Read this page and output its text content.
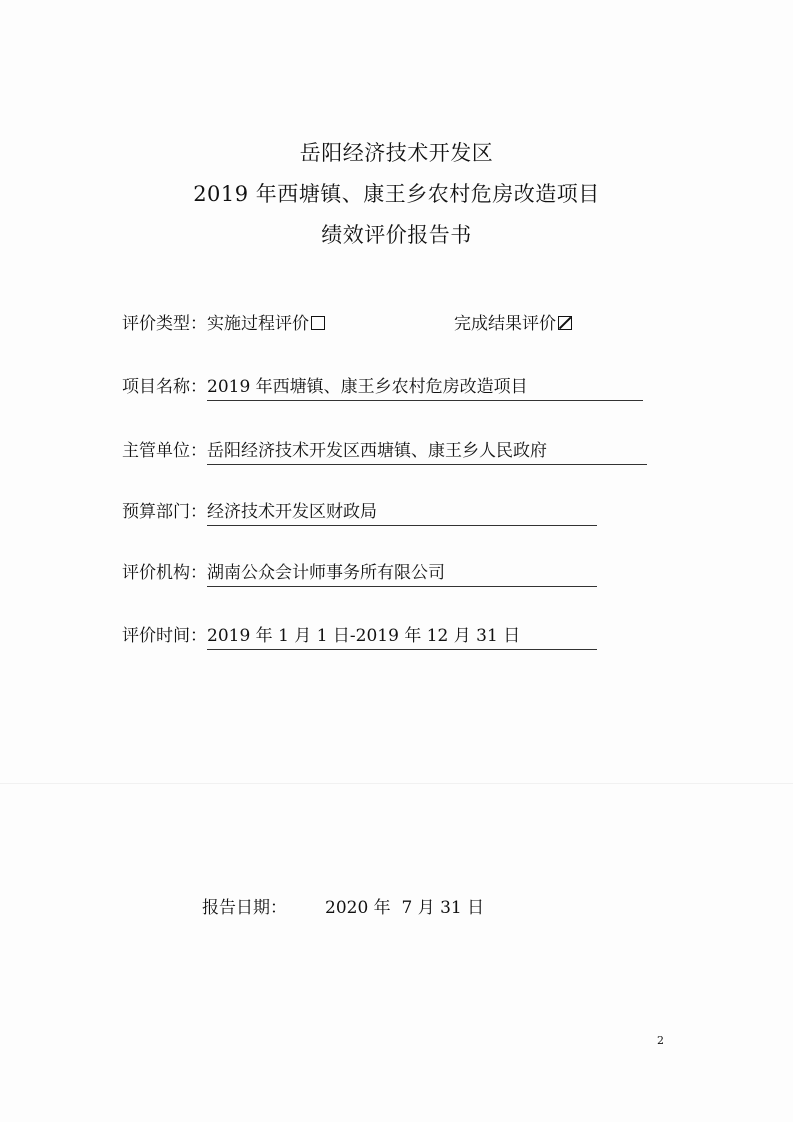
岳阳经济技术开发区
2019 年西塘镇、康王乡农村危房改造项目
绩效评价报告书
评价类型：实施过程评价	完成结果评价
项目名称：2019 年西塘镇、康王乡农村危房改造项目
主管单位：岳阳经济技术开发区西塘镇、康王乡人民政府
预算部门：经济技术开发区财政局
评价机构：湖南公众会计师事务所有限公司
评价时间：2019 年 1 月 1 日-2019 年 12 月 31 日
报告日期： 2020 年  7 月 31 日
2
